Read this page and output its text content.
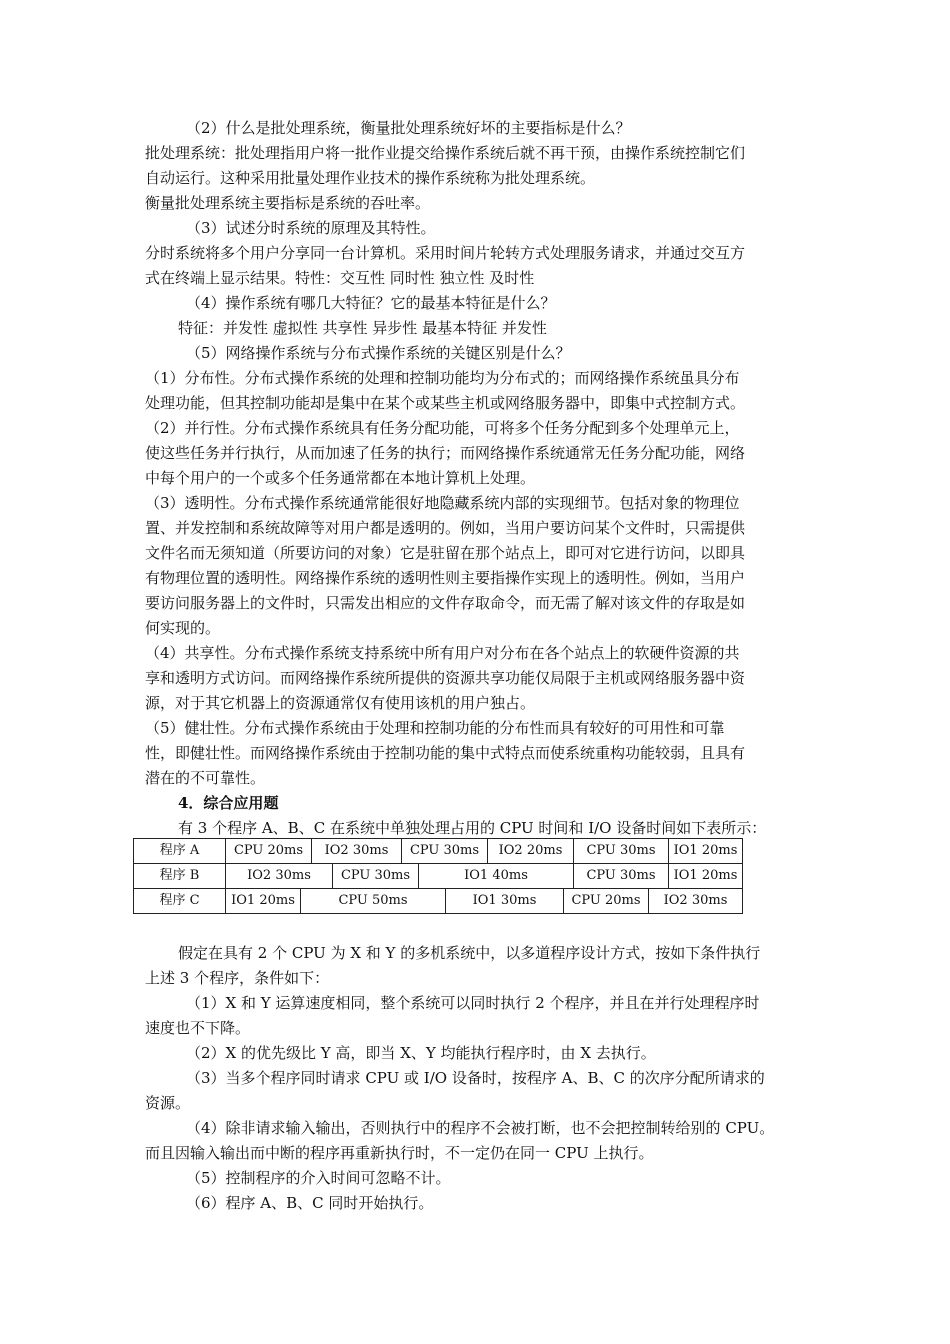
（2）什么是批处理系统，衡量批处理系统好坏的主要指标是什么？
批处理系统：批处理指用户将一批作业提交给操作系统后就不再干预，由操作系统控制它们
自动运行。这种采用批量处理作业技术的操作系统称为批处理系统。
衡量批处理系统主要指标是系统的吞吐率。
（3）试述分时系统的原理及其特性。
分时系统将多个用户分享同一台计算机。采用时间片轮转方式处理服务请求，并通过交互方
式在终端上显示结果。特性：交互性 同时性 独立性 及时性
（4）操作系统有哪几大特征？它的最基本特征是什么？
特征：并发性 虚拟性 共享性 异步性 最基本特征 并发性
（5）网络操作系统与分布式操作系统的关键区别是什么？
（1）分布性。分布式操作系统的处理和控制功能均为分布式的；而网络操作系统虽具分布
处理功能，但其控制功能却是集中在某个或某些主机或网络服务器中，即集中式控制方式。
（2）并行性。分布式操作系统具有任务分配功能，可将多个任务分配到多个处理单元上，
使这些任务并行执行，从而加速了任务的执行；而网络操作系统通常无任务分配功能，网络
中每个用户的一个或多个任务通常都在本地计算机上处理。
（3）透明性。分布式操作系统通常能很好地隐藏系统内部的实现细节。包括对象的物理位
置、并发控制和系统故障等对用户都是透明的。例如，当用户要访问某个文件时，只需提供
文件名而无须知道（所要访问的对象）它是驻留在那个站点上，即可对它进行访问，以即具
有物理位置的透明性。网络操作系统的透明性则主要指操作实现上的透明性。例如，当用户
要访问服务器上的文件时，只需发出相应的文件存取命令，而无需了解对该文件的存取是如
何实现的。
（4）共享性。分布式操作系统支持系统中所有用户对分布在各个站点上的软硬件资源的共
享和透明方式访问。而网络操作系统所提供的资源共享功能仅局限于主机或网络服务器中资
源，对于其它机器上的资源通常仅有使用该机的用户独占。
（5）健壮性。分布式操作系统由于处理和控制功能的分布性而具有较好的可用性和可靠
性，即健壮性。而网络操作系统由于控制功能的集中式特点而使系统重构功能较弱，且具有
潜在的不可靠性。
4．综合应用题
有 3 个程序 A、B、C 在系统中单独处理占用的 CPU 时间和 I/O 设备时间如下表所示：
程序 A	CPU 20ms	IO2 30ms	CPU 30ms	IO2 20ms	CPU 30ms	IO1 20ms
程序 B	IO2 30ms	CPU 30ms	IO1 40ms	CPU 30ms	IO1 20ms
程序 C	IO1 20ms	CPU 50ms	IO1 30ms	CPU 20ms	IO2 30ms
假定在具有 2 个 CPU 为 X 和 Y 的多机系统中，以多道程序设计方式，按如下条件执行
上述 3 个程序，条件如下：
（1）X 和 Y 运算速度相同，整个系统可以同时执行 2 个程序，并且在并行处理程序时
速度也不下降。
（2）X 的优先级比 Y 高，即当 X、Y 均能执行程序时，由 X 去执行。
（3）当多个程序同时请求 CPU 或 I/O 设备时，按程序 A、B、C 的次序分配所请求的
资源。
（4）除非请求输入输出，否则执行中的程序不会被打断，也不会把控制转给别的 CPU。
而且因输入输出而中断的程序再重新执行时，不一定仍在同一 CPU 上执行。
（5）控制程序的介入时间可忽略不计。
（6）程序 A、B、C 同时开始执行。
